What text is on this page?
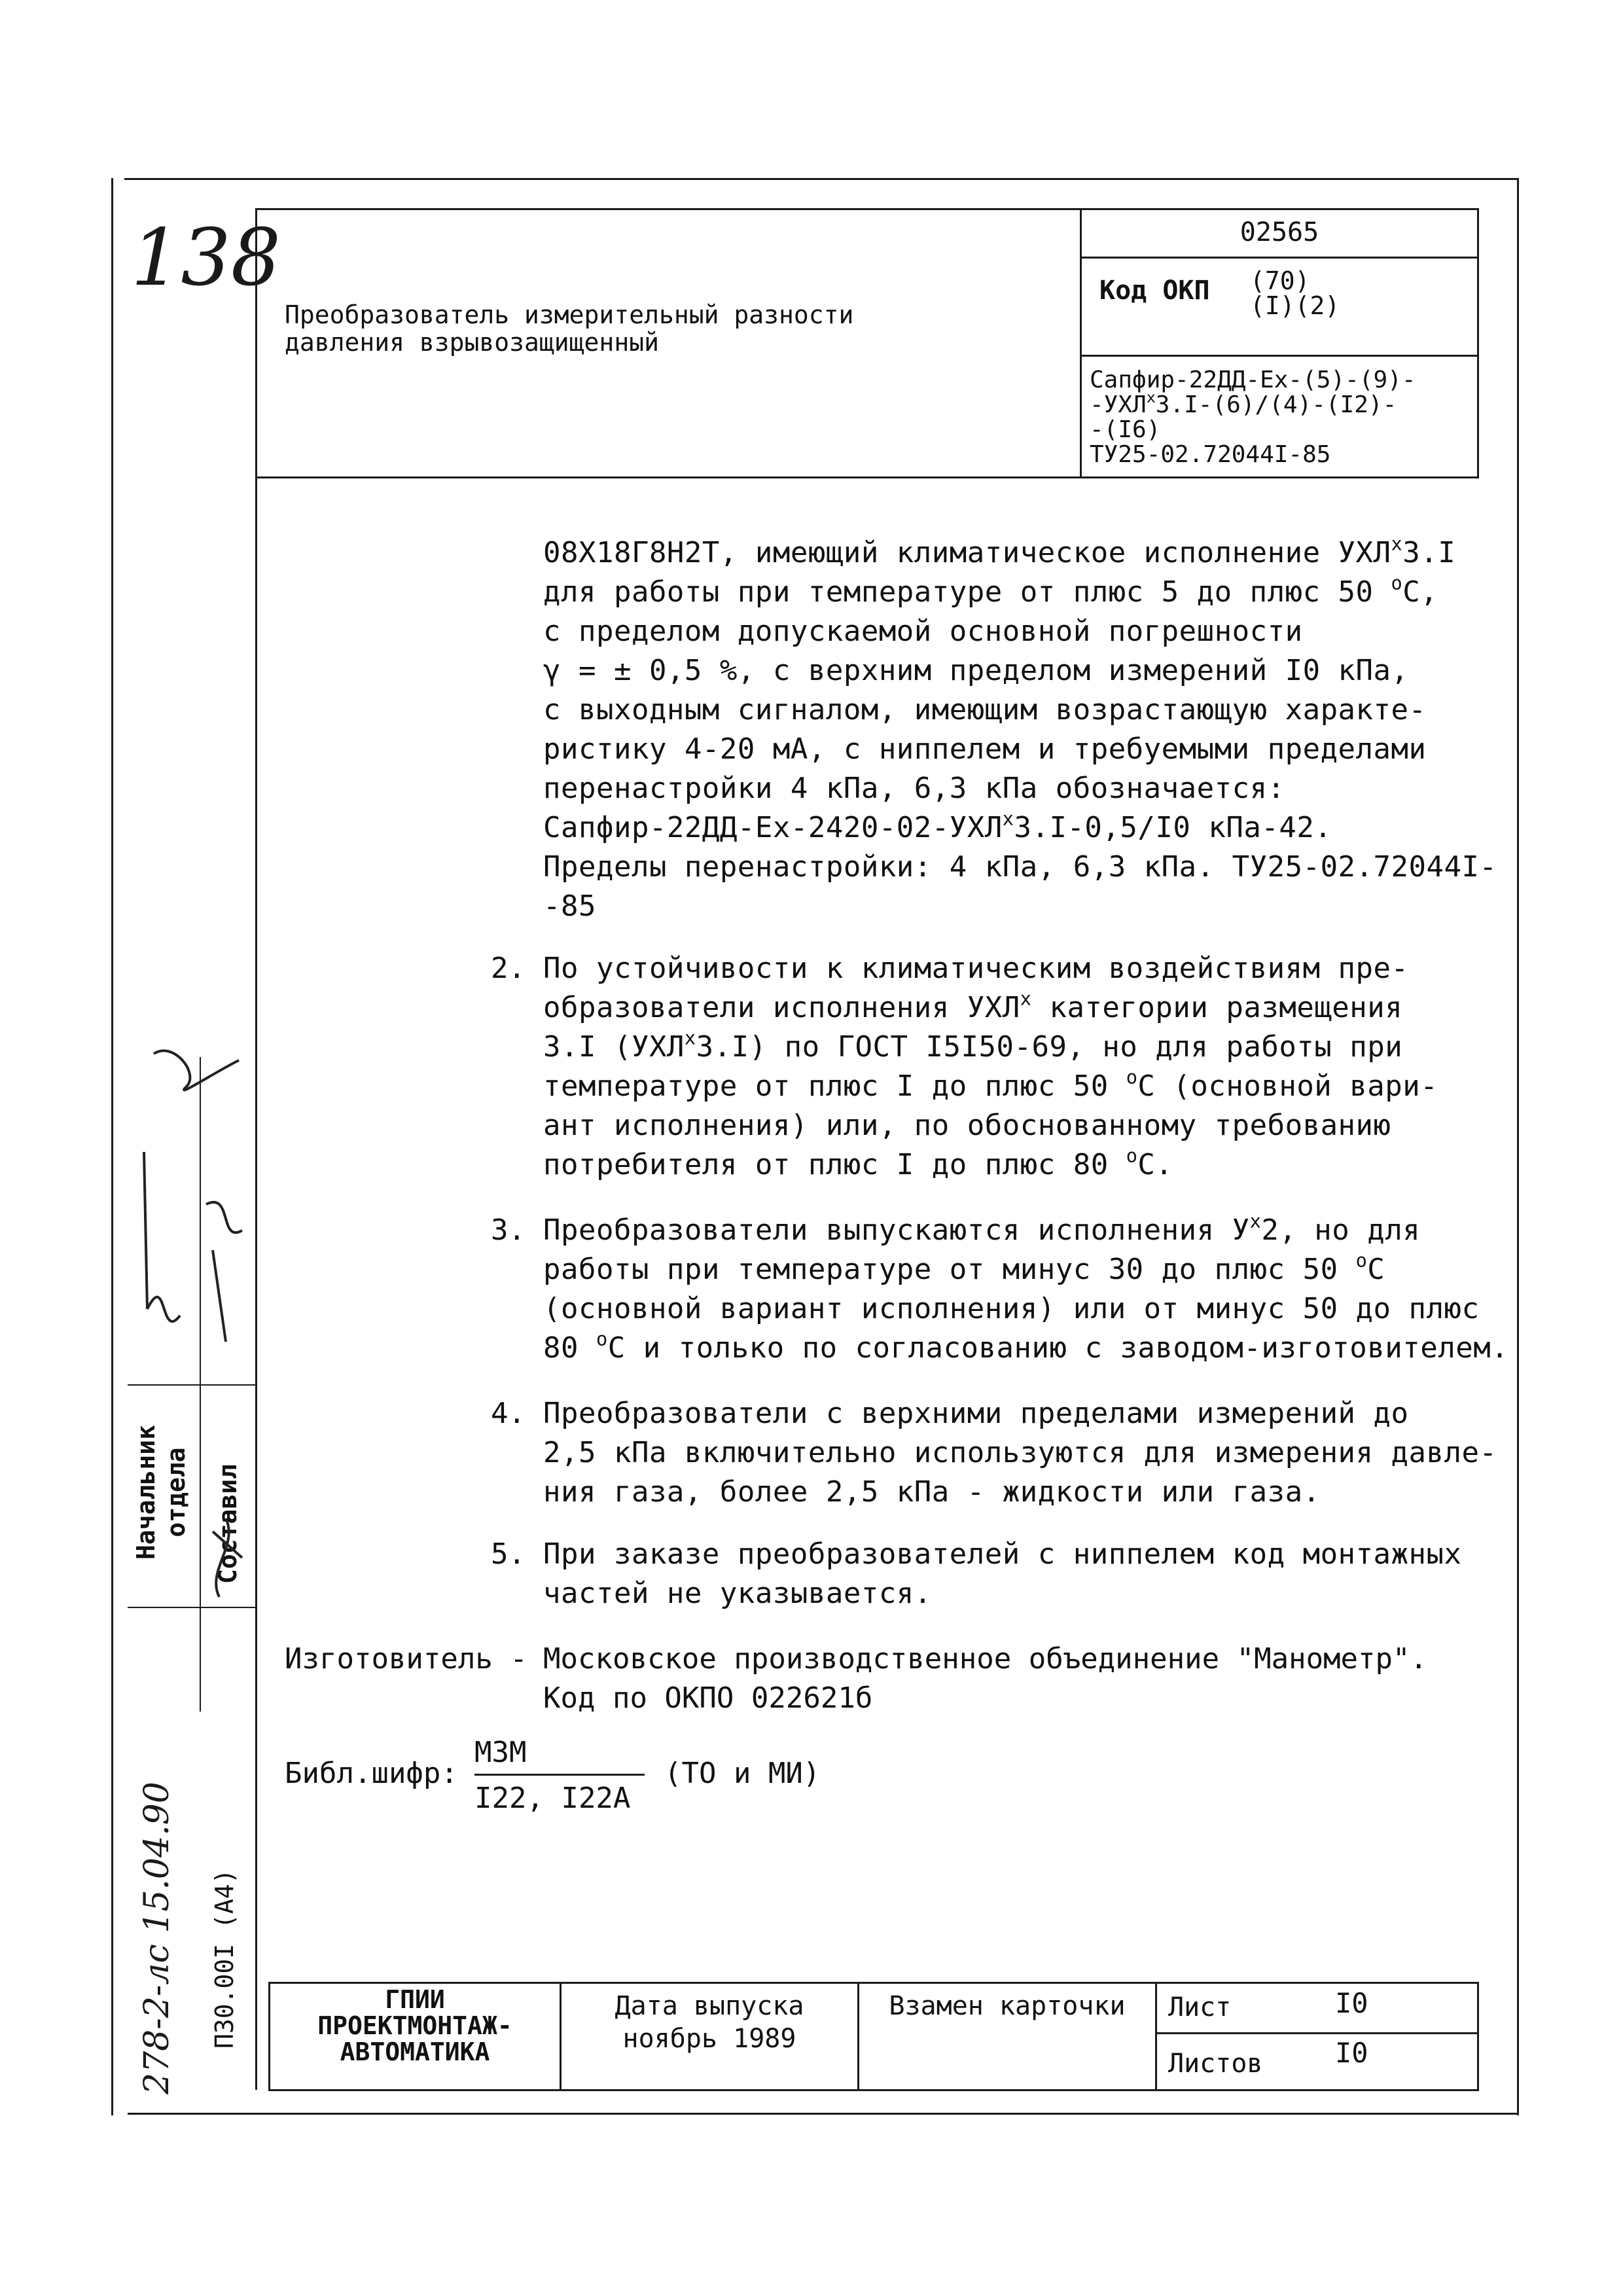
138
Преобразователь измерительный разности
давления взрывозащищенный
02565
Код ОКП (70)
(I)(2)
Сапфир-22ДД-Ex-(5)-(9)-
-УХЛ$^x$3.I-(6)/(4)-(I2)-
-(I6)
ТУ25-02.72044I-85
08Х18Г8Н2Т, имеющий климатическое исполнение УХЛ$^x$3.I
для работы при температуре от плюс 5 до плюс 50 $^o$С,
с пределом допускаемой основной погрешности
γ = ± 0,5 %, с верхним пределом измерений I0 кПа,
с выходным сигналом, имеющим возрастающую характе-
ристику 4-20 мА, с ниппелем и требуемыми пределами
перенастройки 4 кПа, 6,3 кПа обозначается:
Сапфир-22ДД-Ex-2420-02-УХЛ$^x$3.I-0,5/I0 кПа-42.
Пределы перенастройки: 4 кПа, 6,3 кПа. ТУ25-02.72044I-
-85
2. По устойчивости к климатическим воздействиям пре-
образователи исполнения УХЛ$^x$ категории размещения
3.I (УХЛ$^x$3.I) по ГОСТ I5I50-69, но для работы при
температуре от плюс I до плюс 50 $^o$С (основной вари-
ант исполнения) или, по обоснованному требованию
потребителя от плюс I до плюс 80 $^o$С.
3. Преобразователи выпускаются исполнения $У^x2$, но для
работы при температуре от минус 30 до плюс 50 $^o$С
(основной вариант исполнения) или от минус 50 до плюс
80 $^o$С и только по согласованию с заводом-изготовителем.
4. Преобразователи с верхними пределами измерений до
2,5 кПа включительно используются для измерения давле-
ния газа, более 2,5 кПа - жидкости или газа.
5. При заказе преобразователей с ниппелем код монтажных
частей не указывается.
Изготовитель - Московское производственное объединение "Манометр".
Код по ОКПО 022621б
Библ.шифр:
МЗМ
I22, I22A
(ТО и МИ)
ГПИИ
ПРОЕКТМОНТАЖ-
АВТОМАТИКА
Дата выпуска
ноябрь 1989
Взамен карточки	Лист	I0
Листов	I0
Начальник отдела Составил
ПЗ0.00I (А4)
278-2-лс 15.04.90
